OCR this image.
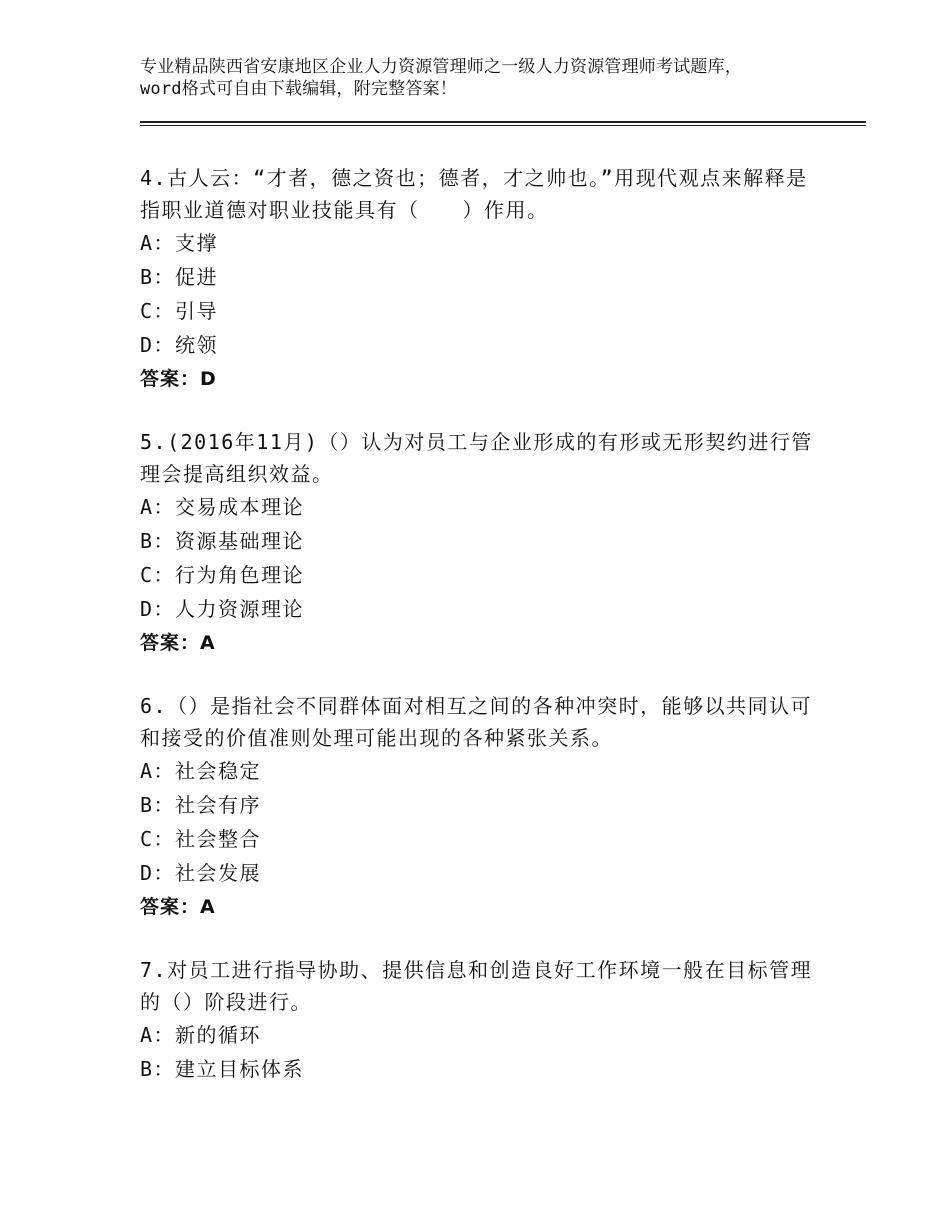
专业精品陕西省安康地区企业人力资源管理师之一级人力资源管理师考试题库，word格式可自由下载编辑，附完整答案！
4.古人云：“才者，德之资也；德者，才之帅也。”用现代观点来解释是指职业道德对职业技能具有（　　）作用。
A：支撑
B：促进
C：引导
D：统领
答案：D
5.(2016年11月)（）认为对员工与企业形成的有形或无形契约进行管理会提高组织效益。
A：交易成本理论
B：资源基础理论
C：行为角色理论
D：人力资源理论
答案：A
6.（）是指社会不同群体面对相互之间的各种冲突时，能够以共同认可和接受的价值准则处理可能出现的各种紧张关系。
A：社会稳定
B：社会有序
C：社会整合
D：社会发展
答案：A
7.对员工进行指导协助、提供信息和创造良好工作环境一般在目标管理的（）阶段进行。
A：新的循环
B：建立目标体系
